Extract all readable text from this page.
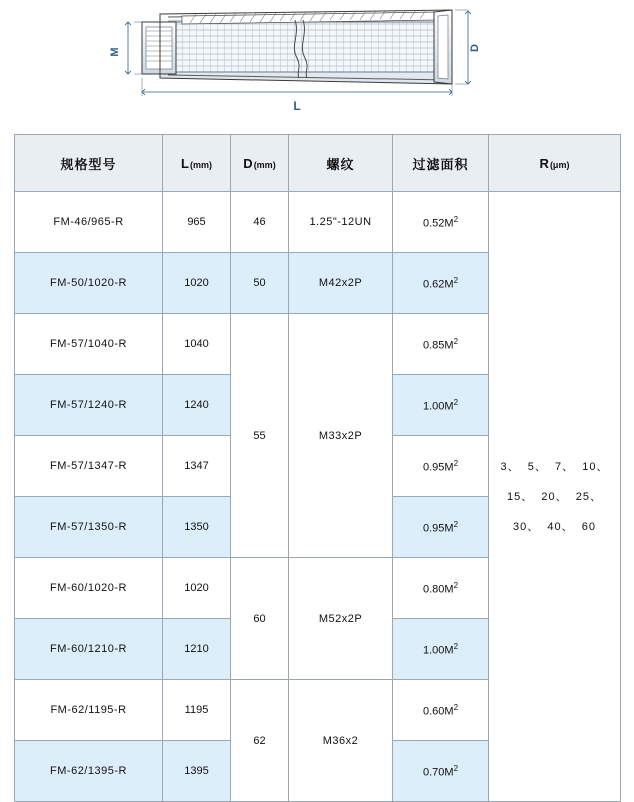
M	D
L
规格型号	L(mm)	D(mm)	螺纹	过滤面积	R(μm)
FM-46/965-R	965	46	1.25"-12UN	$0.52M^2$	3、  5、  7、  10、
15、  20、  25、
30、  40、  60

FM-50/1020-R	1020	50	M42x2P	$0.62M^2$
FM-57/1040-R	1040	55	M33x2P	$0.85M^2$
FM-57/1240-R	1240			$1.00M^2$
FM-57/1347-R	1347			$0.95M^2$
FM-57/1350-R	1350			$0.95M^2$
FM-60/1020-R	1020	60	M52x2P	$0.80M^2$
FM-60/1210-R	1210			$1.00M^2$
FM-62/1195-R	1195	62	M36x2	$0.60M^2$
FM-62/1395-R	1395			$0.70M^2$
